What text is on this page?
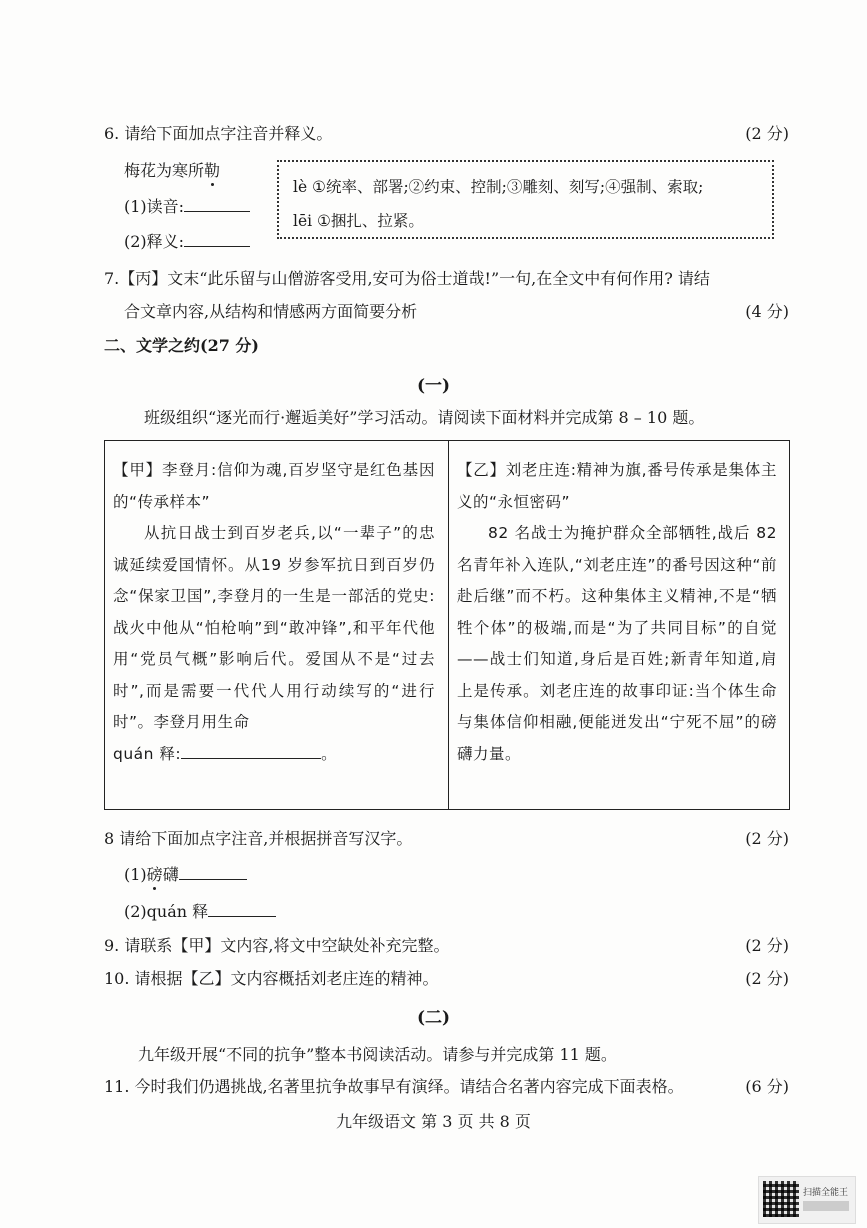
6. 请给下面加点字注音并释义。	(2 分)
梅花为寒所勒
(1)读音:
(2)释义:
lè ①统率、部署;②约束、控制;③雕刻、刻写;④强制、索取;
lēi ①捆扎、拉紧。
7.【丙】文末“此乐留与山僧游客受用,安可为俗士道哉!”一句,在全文中有何作用? 请结
合文章内容,从结构和情感两方面简要分析	(4 分)
二、文学之约(27 分)
(一)
班级组织“逐光而行·邂逅美好”学习活动。请阅读下面材料并完成第 8 – 10 题。
【甲】李登月:信仰为魂,百岁坚守是红色基因的“传承样本”
从抗日战士到百岁老兵,以“一辈子”的忠诚延续爱国情怀。从19 岁参军抗日到百岁仍念“保家卫国”,李登月的一生是一部活的党史:战火中他从“怕枪响”到“敢冲锋”,和平年代他用“党员气概”影响后代。爱国从不是“过去时”,而是需要一代代人用行动续写的“进行时”。李登月用生命
quán 释:	。
【乙】刘老庄连:精神为旗,番号传承是集体主义的“永恒密码”
82 名战士为掩护群众全部牺牲,战后 82 名青年补入连队,“刘老庄连”的番号因这种“前赴后继”而不朽。这种集体主义精神,不是“牺牲个体”的极端,而是“为了共同目标”的自觉——战士们知道,身后是百姓;新青年知道,肩上是传承。刘老庄连的故事印证:当个体生命与集体信仰相融,便能迸发出“宁死不屈”的磅礴力量。
8 请给下面加点字注音,并根据拼音写汉字。	(2 分)
(1)磅礴
(2)quán 释
9. 请联系【甲】文内容,将文中空缺处补充完整。	(2 分)
10. 请根据【乙】文内容概括刘老庄连的精神。	(2 分)
(二)
九年级开展“不同的抗争”整本书阅读活动。请参与并完成第 11 题。
11. 今时我们仍遇挑战,名著里抗争故事早有演绎。请结合名著内容完成下面表格。	(6 分)
九年级语文 第 3 页 共 8 页
扫描全能王
